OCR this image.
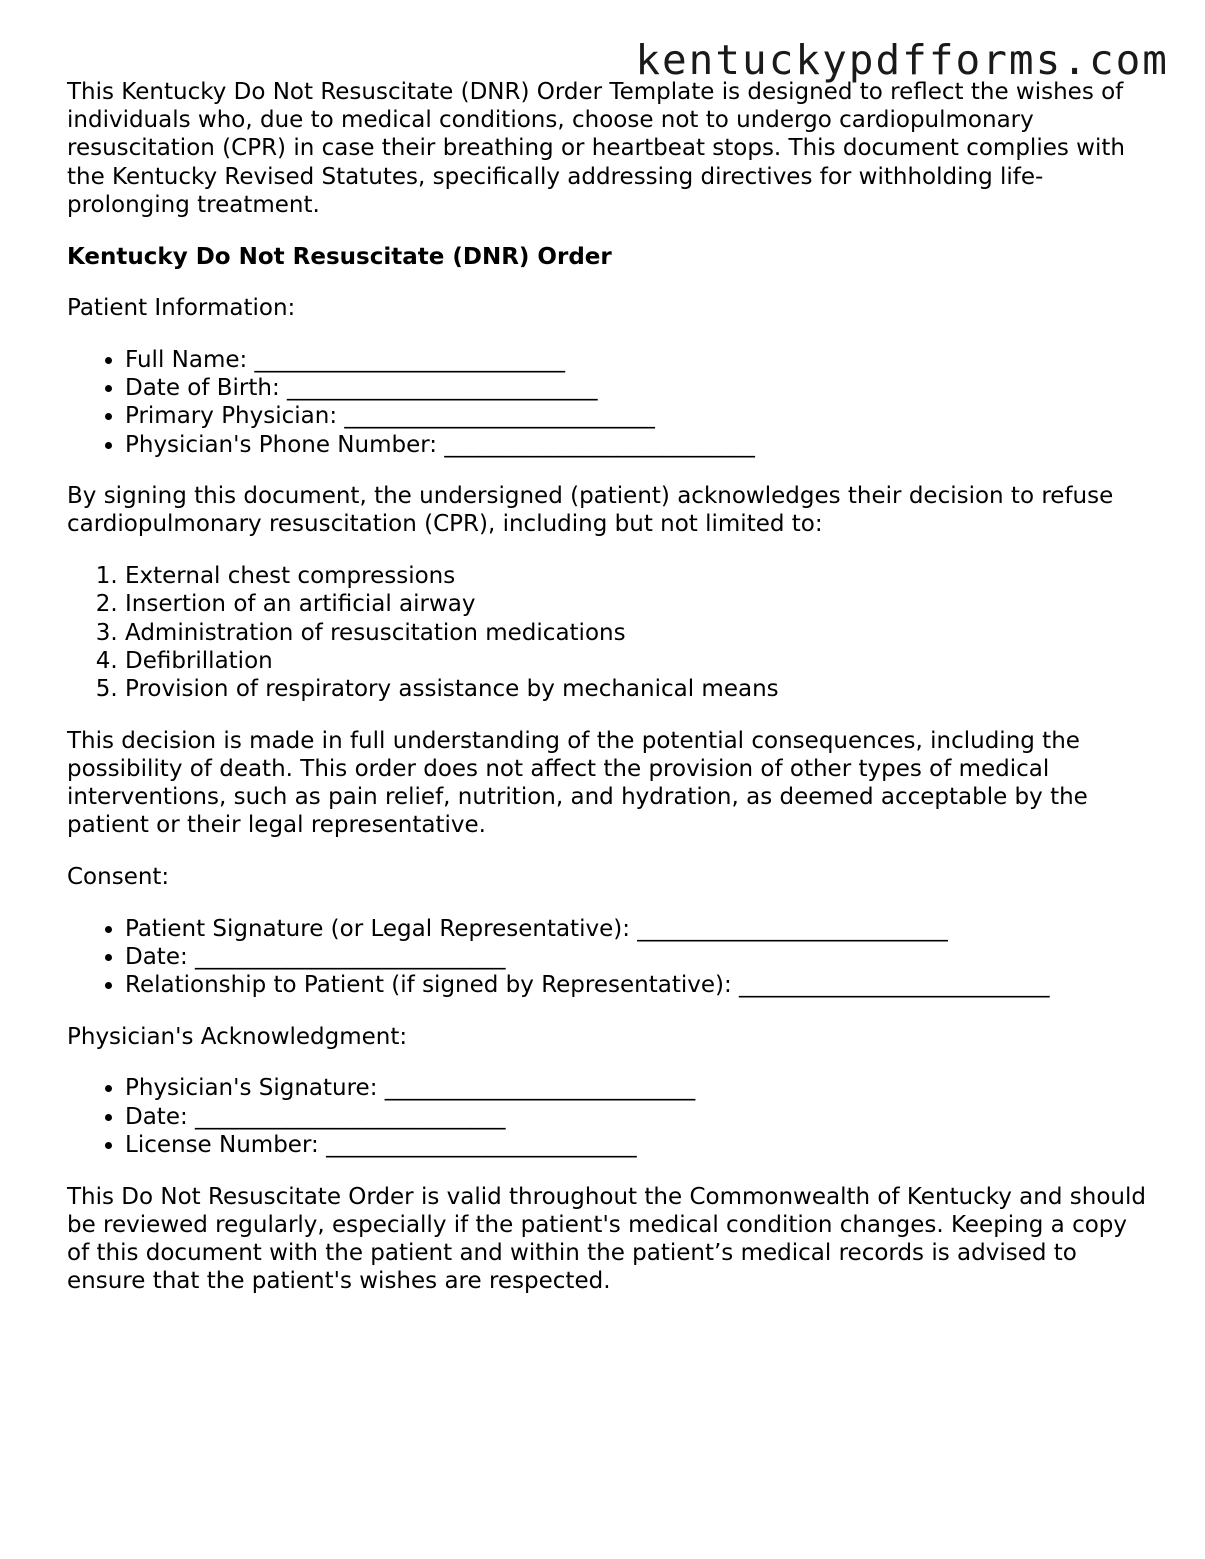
kentuckypdfforms.com

This Kentucky Do Not Resuscitate (DNR) Order Template is designed to reflect the wishes of individuals who, due to medical conditions, choose not to undergo cardiopulmonary resuscitation (CPR) in case their breathing or heartbeat stops. This document complies with the Kentucky Revised Statutes, specifically addressing directives for withholding life-prolonging treatment.

Kentucky Do Not Resuscitate (DNR) Order

Patient Information:

• Full Name: ___________________________
• Date of Birth: ___________________________
• Primary Physician: ___________________________
• Physician's Phone Number: ___________________________

By signing this document, the undersigned (patient) acknowledges their decision to refuse cardiopulmonary resuscitation (CPR), including but not limited to:

1. External chest compressions
2. Insertion of an artificial airway
3. Administration of resuscitation medications
4. Defibrillation
5. Provision of respiratory assistance by mechanical means

This decision is made in full understanding of the potential consequences, including the possibility of death. This order does not affect the provision of other types of medical interventions, such as pain relief, nutrition, and hydration, as deemed acceptable by the patient or their legal representative.

Consent:

• Patient Signature (or Legal Representative): ___________________________
• Date: ___________________________
• Relationship to Patient (if signed by Representative): ___________________________

Physician's Acknowledgment:

• Physician's Signature: ___________________________
• Date: ___________________________
• License Number: ___________________________

This Do Not Resuscitate Order is valid throughout the Commonwealth of Kentucky and should be reviewed regularly, especially if the patient's medical condition changes. Keeping a copy of this document with the patient and within the patient’s medical records is advised to ensure that the patient's wishes are respected.
